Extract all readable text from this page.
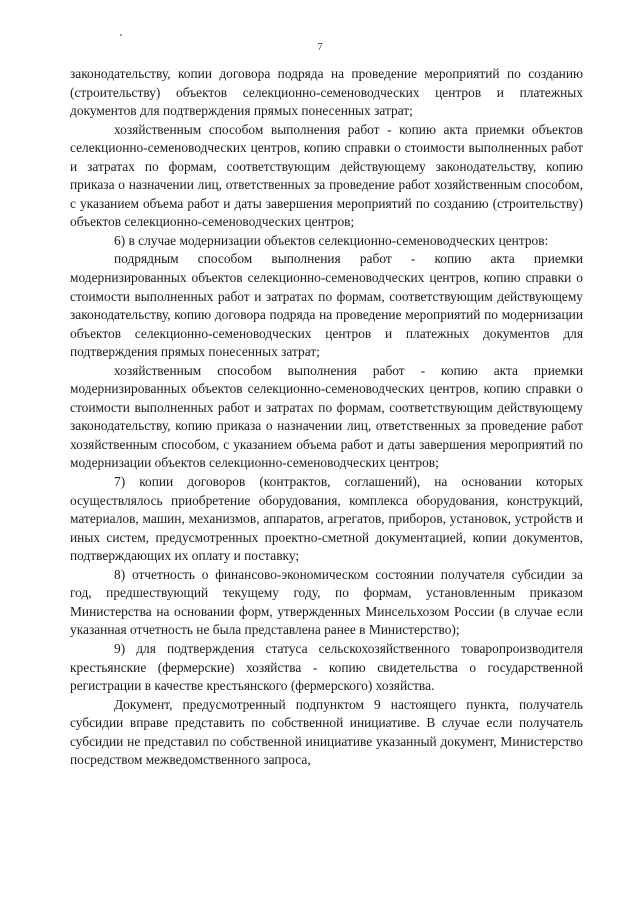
7

законодательству, копии договора подряда на проведение мероприятий по созданию (строительству) объектов селекционно-семеноводческих центров и платежных документов для подтверждения прямых понесенных затрат;

хозяйственным способом выполнения работ - копию акта приемки объектов селекционно-семеноводческих центров, копию справки о стоимости выполненных работ и затратах по формам, соответствующим действующему законодательству, копию приказа о назначении лиц, ответственных за проведение работ хозяйственным способом, с указанием объема работ и даты завершения мероприятий по созданию (строительству) объектов селекционно-семеноводческих центров;

6) в случае модернизации объектов селекционно-семеноводческих центров:

подрядным способом выполнения работ - копию акта приемки модернизированных объектов селекционно-семеноводческих центров, копию справки о стоимости выполненных работ и затратах по формам, соответствующим действующему законодательству, копию договора подряда на проведение мероприятий по модернизации объектов селекционно-семеноводческих центров и платежных документов для подтверждения прямых понесенных затрат;

хозяйственным способом выполнения работ - копию акта приемки модернизированных объектов селекционно-семеноводческих центров, копию справки о стоимости выполненных работ и затратах по формам, соответствующим действующему законодательству, копию приказа о назначении лиц, ответственных за проведение работ хозяйственным способом, с указанием объема работ и даты завершения мероприятий по модернизации объектов селекционно-семеноводческих центров;

7) копии договоров (контрактов, соглашений), на основании которых осуществлялось приобретение оборудования, комплекса оборудования, конструкций, материалов, машин, механизмов, аппаратов, агрегатов, приборов, установок, устройств и иных систем, предусмотренных проектно-сметной документацией, копии документов, подтверждающих их оплату и поставку;

8) отчетность о финансово-экономическом состоянии получателя субсидии за год, предшествующий текущему году, по формам, установленным приказом Министерства на основании форм, утвержденных Минсельхозом России (в случае если указанная отчетность не была представлена ранее в Министерство);

9) для подтверждения статуса сельскохозяйственного товаропроизводителя крестьянские (фермерские) хозяйства - копию свидетельства о государственной регистрации в качестве крестьянского (фермерского) хозяйства.

Документ, предусмотренный подпунктом 9 настоящего пункта, получатель субсидии вправе представить по собственной инициативе. В случае если получатель субсидии не представил по собственной инициативе указанный документ, Министерство посредством межведомственного запроса,
